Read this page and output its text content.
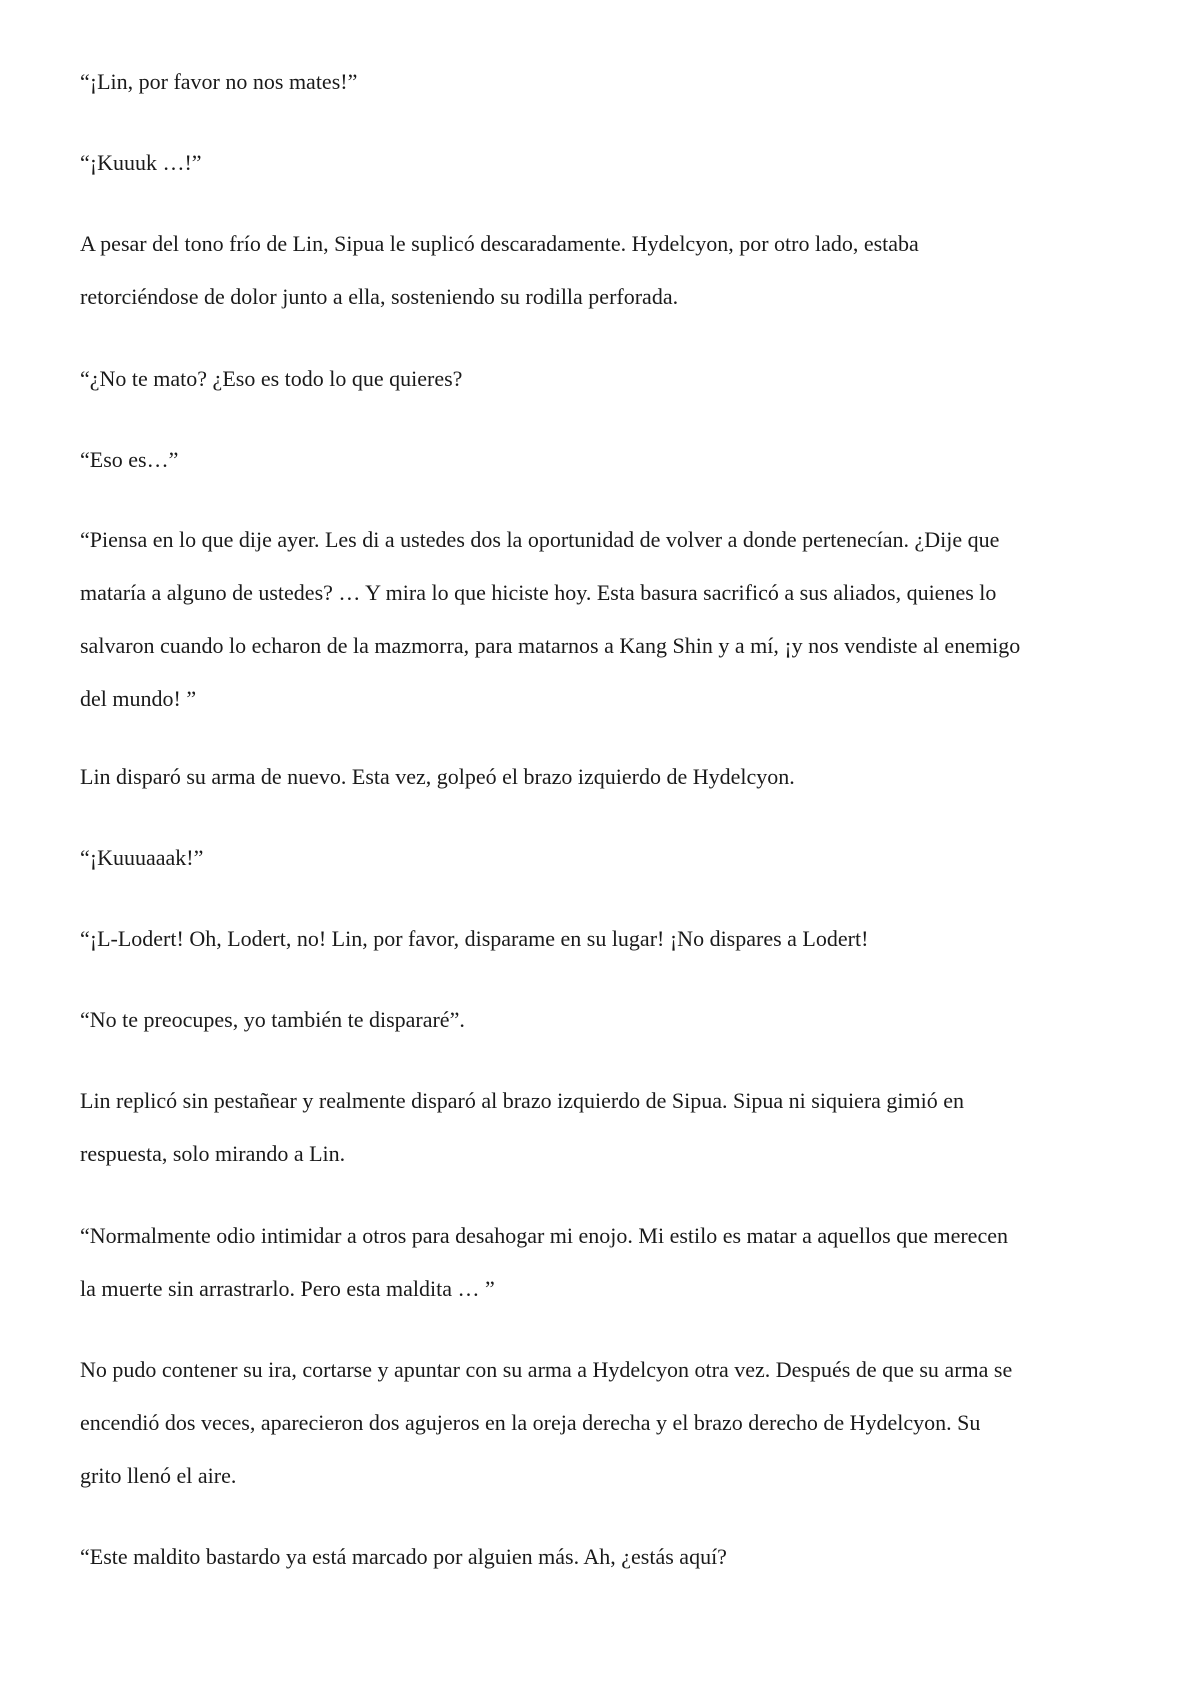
“¡Lin, por favor no nos mates!”

“¡Kuuuk …!”

A pesar del tono frío de Lin, Sipua le suplicó descaradamente. Hydelcyon, por otro lado, estaba
retorciéndose de dolor junto a ella, sosteniendo su rodilla perforada.

“¿No te mato? ¿Eso es todo lo que quieres?

“Eso es…”

“Piensa en lo que dije ayer. Les di a ustedes dos la oportunidad de volver a donde pertenecían. ¿Dije que
mataría a alguno de ustedes? … Y mira lo que hiciste hoy. Esta basura sacrificó a sus aliados, quienes lo
salvaron cuando lo echaron de la mazmorra, para matarnos a Kang Shin y a mí, ¡y nos vendiste al enemigo
del mundo! ”

Lin disparó su arma de nuevo. Esta vez, golpeó el brazo izquierdo de Hydelcyon.

“¡Kuuuaaak!”

“¡L-Lodert! Oh, Lodert, no! Lin, por favor, disparame en su lugar! ¡No dispares a Lodert!

“No te preocupes, yo también te dispararé”.

Lin replicó sin pestañear y realmente disparó al brazo izquierdo de Sipua. Sipua ni siquiera gimió en
respuesta, solo mirando a Lin.

“Normalmente odio intimidar a otros para desahogar mi enojo. Mi estilo es matar a aquellos que merecen
la muerte sin arrastrarlo. Pero esta maldita … ”

No pudo contener su ira, cortarse y apuntar con su arma a Hydelcyon otra vez. Después de que su arma se
encendió dos veces, aparecieron dos agujeros en la oreja derecha y el brazo derecho de Hydelcyon. Su
grito llenó el aire.

“Este maldito bastardo ya está marcado por alguien más. Ah, ¿estás aquí?
